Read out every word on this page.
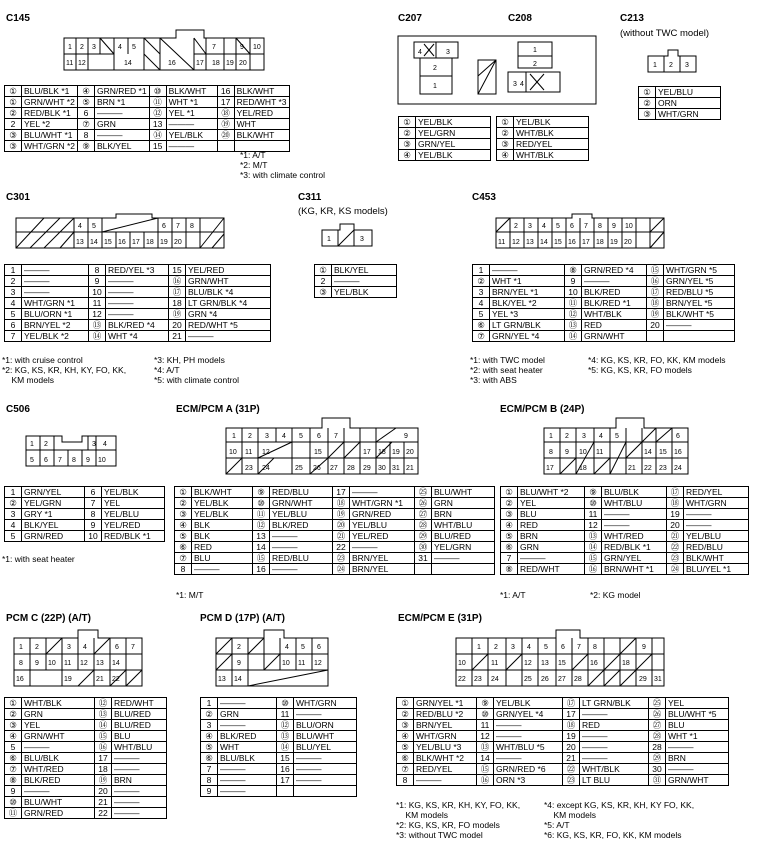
C145	C207	C208	C213
(without TWC model)
C301	C311
(KG, KR, KS models)
C453
C506	ECM/PCM A (31P)	ECM/PCM B (24P)
PCM C (22P) (A/T)	PCM D (17P) (A/T)	ECM/PCM E (31P)
1 2 3	4 5	7	9 10
11 12	14	16	17 18 19 20
4	3
2
1
1
2
3 4
1 2 3
4 5	6 7 8
13 14 15 16 17 18 19 20	1	3
2 3 4 5 6 7 8 9 10
11 12 13 14 15 16 17 18 19 20
1 2	3 4
5 6 7 8 9 10
1 2 3 4 5 6 7	9
10 11 12	15	17 18 19 20
21
23 24	25 26 27 28 29 30 31
1 2 3 4 5	6
8 9 10 11	14 15 16
17	18	21 22 23 24
1 2	3 4	6 7
8 9 10 11 12 13 14
16	19	21 22
2	4 5 6
9	10 11 12
13 14
1 2 3 4 5 6 7 8	9
10	11	12 13 15	16	18
22 23 24	25 26 27 28	29 31
①	BLU/BLK *1	④	GRN/RED *1	⑩	BLK/WHT	16	BLK/WHT
①	GRN/WHT *2	⑤	BRN *1	⑪	WHT *1	17	RED/WHT *3
②	RED/BLK *1	6	———	⑫	YEL *1	⑱	YEL/RED
2	YEL *2	⑦	GRN	13	———	⑲	WHT
③	BLU/WHT *1	8	———	⑭	YEL/BLK	⑳	BLK/WHT
③	WHT/GRN *2	⑨	BLK/YEL	15	———		
①	YEL/BLK
②	YEL/GRN
③	GRN/YEL
④	YEL/BLK
①	YEL/BLK
②	WHT/BLK
③	RED/YEL
④	WHT/BLK
①	YEL/BLU
②	ORN
③	WHT/GRN
1	———	8	RED/YEL *3	15	YEL/RED
2	———	9	———	⑯	GRN/WHT
3	———	10	———	⑰	BLU/BLK *4
4	WHT/GRN *1	11	———	18	LT GRN/BLK *4
5	BLU/ORN *1	12	———	⑲	GRN *4
6	BRN/YEL *2	⑬	BLK/RED *4	20	RED/WHT *5
7	YEL/BLK *2	⑭	WHT *4	21	———
①	BLK/YEL
2	———
③	YEL/BLK
1	———	⑧	GRN/RED *4	⑮	WHT/GRN *5
②	WHT *1	9	———	⑯	GRN/YEL *5
3	BRN/YEL *1	10	BLK/RED	⑰	RED/BLU *5
4	BLK/YEL *2	⑪	BLK/RED *1	⑱	BRN/YEL *5
5	YEL *3	⑫	WHT/BLK	⑲	BLK/WHT *5
⑥	LT GRN/BLK	⑬	RED	20	———
⑦	GRN/YEL *4	⑭	GRN/WHT		
1	GRN/YEL	6	YEL/BLK
②	YEL/GRN	7	YEL
3	GRY *1	8	YEL/BLU
4	BLK/YEL	9	YEL/RED
5	GRN/RED	10	RED/BLK *1
①	BLK/WHT	⑨	RED/BLU	17	———	㉕	BLU/WHT
②	YEL/BLK	⑩	GRN/WHT	⑱	WHT/GRN *1	㉖	GRN
③	YEL/BLK	⑪	YEL/BLU	⑲	GRN/RED	㉗	BRN
④	BLK	⑫	BLK/RED	⑳	YEL/BLU	㉘	WHT/BLU
⑤	BLK	13	———	㉑	YEL/RED	㉙	BLU/RED
⑥	RED	14	———	22	———	㉚	YEL/GRN
⑦	BLU	⑮	RED/BLU	㉓	BRN/YEL	31	———
8	———	16	———	㉔	BRN/YEL		
①	BLU/WHT *2	⑨	BLU/BLK	⑰	RED/YEL
②	YEL	⑩	WHT/BLU	⑱	WHT/GRN
③	BLU	11	———	19	———
④	RED	12	———	20	———
⑤	BRN	⑬	WHT/RED	㉑	YEL/BLU
⑥	GRN	⑭	RED/BLK *1	㉒	RED/BLU
7	———	⑮	GRN/YEL	㉓	BLK/WHT
⑧	RED/WHT	⑯	BRN/WHT *1	㉔	BLU/YEL *1
①	WHT/BLK	⑫	RED/WHT
②	GRN	⑬	BLU/RED
③	YEL	⑭	BLU/RED
④	GRN/WHT	⑮	BLU
5	———	⑯	WHT/BLU
⑥	BLU/BLK	17	———
⑦	WHT/RED	18	———
⑧	BLK/RED	⑲	BRN
9	———	20	———
⑩	BLU/WHT	21	———
⑪	GRN/RED	22	———
1	———	⑩	WHT/GRN
②	GRN	11	———
3	———	⑫	BLU/ORN
④	BLK/RED	⑬	BLU/WHT
⑤	WHT	⑭	BLU/YEL
⑥	BLU/BLK	15	———
7	———	16	———
8	———	17	———
9	———		
①	GRN/YEL *1	⑨	YEL/BLK	⑰	LT GRN/BLK	㉕	YEL
②	RED/BLU *2	⑩	GRN/YEL *4	17	———	㉖	BLU/WHT *5
③	BRN/YEL	11	———	⑱	RED	㉗	BLU
④	WHT/GRN	12	———	19	———	㉘	WHT *1
⑤	YEL/BLU *3	⑬	WHT/BLU *5	20	———	28	———
⑥	BLK/WHT *2	14	———	21	———	㉙	BRN
⑦	RED/YEL	⑮	GRN/RED *6	㉒	WHT/BLK	30	———
8	———	⑯	ORN *3	㉓	LT BLU	㉛	GRN/WHT
*1: A/T
*2: M/T
*3: with climate control
*1: with cruise control
*2: KG, KS, KR, KH, KY, FO, KK,
KM models
*3: KH, PH models
*4: A/T
*5: with climate control
*1: with TWC model
*2: with seat heater
*3: with ABS
*4: KG, KS, KR, FO, KK, KM models
*5: KG, KS, KR, FO models
*1: with seat heater
*1: M/T	*1: A/T	*2: KG model
*1: KG, KS, KR, KH, KY, FO, KK,
KM models
*2: KG, KS, KR, FO models
*3: without TWC model
*4: except KG, KS, KR, KH, KY FO, KK,
KM models
*5: A/T
*6: KG, KS, KR, FO, KK, KM models
